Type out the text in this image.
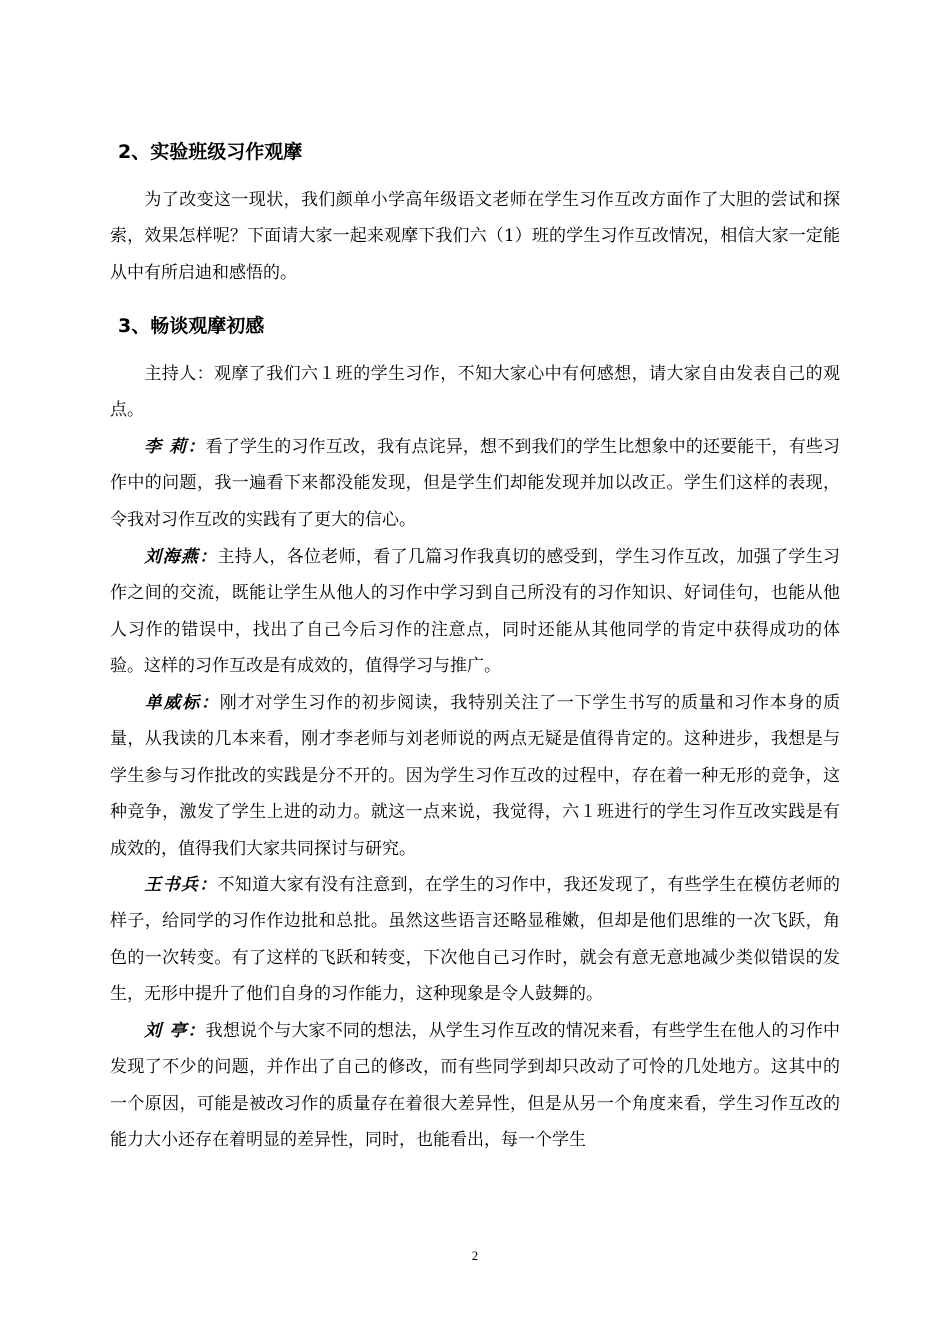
2、实验班级习作观摩
为了改变这一现状，我们颜单小学高年级语文老师在学生习作互改方面作了大胆的尝试和探索，效果怎样呢？下面请大家一起来观摩下我们六（1）班的学生习作互改情况，相信大家一定能从中有所启迪和感悟的。
3、畅谈观摩初感
主持人：观摩了我们六１班的学生习作，不知大家心中有何感想，请大家自由发表自己的观点。
李 莉：看了学生的习作互改，我有点诧异，想不到我们的学生比想象中的还要能干，有些习作中的问题，我一遍看下来都没能发现，但是学生们却能发现并加以改正。学生们这样的表现，令我对习作互改的实践有了更大的信心。
刘海燕：主持人，各位老师，看了几篇习作我真切的感受到，学生习作互改，加强了学生习作之间的交流，既能让学生从他人的习作中学习到自己所没有的习作知识、好词佳句，也能从他人习作的错误中，找出了自己今后习作的注意点，同时还能从其他同学的肯定中获得成功的体验。这样的习作互改是有成效的，值得学习与推广。
单威标：刚才对学生习作的初步阅读，我特别关注了一下学生书写的质量和习作本身的质量，从我读的几本来看，刚才李老师与刘老师说的两点无疑是值得肯定的。这种进步，我想是与学生参与习作批改的实践是分不开的。因为学生习作互改的过程中，存在着一种无形的竞争，这种竞争，激发了学生上进的动力。就这一点来说，我觉得，六１班进行的学生习作互改实践是有成效的，值得我们大家共同探讨与研究。
王书兵：不知道大家有没有注意到，在学生的习作中，我还发现了，有些学生在模仿老师的样子，给同学的习作作边批和总批。虽然这些语言还略显稚嫩，但却是他们思维的一次飞跃，角色的一次转变。有了这样的飞跃和转变，下次他自己习作时，就会有意无意地减少类似错误的发生，无形中提升了他们自身的习作能力，这种现象是令人鼓舞的。
刘 亭：我想说个与大家不同的想法，从学生习作互改的情况来看，有些学生在他人的习作中发现了不少的问题，并作出了自己的修改，而有些同学到却只改动了可怜的几处地方。这其中的一个原因，可能是被改习作的质量存在着很大差异性，但是从另一个角度来看，学生习作互改的能力大小还存在着明显的差异性，同时，也能看出，每一个学生
2
